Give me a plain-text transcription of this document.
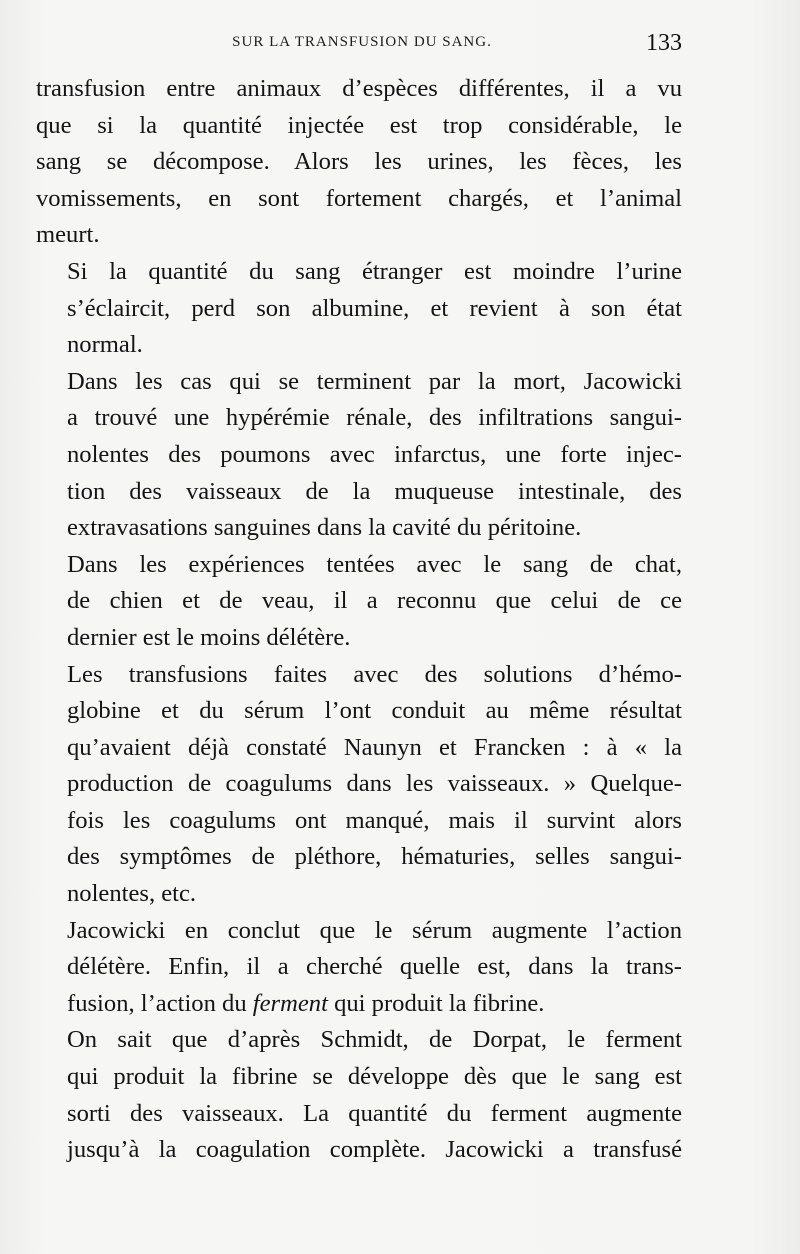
SUR LA TRANSFUSION DU SANG.	133

transfusion entre animaux d’espèces différentes, il a vu
que si la quantité injectée est trop considérable, le
sang se décompose. Alors les urines, les fèces, les
vomissements, en sont fortement chargés, et l’animal
meurt.

Si la quantité du sang étranger est moindre l’urine
s’éclaircit, perd son albumine, et revient à son état
normal.

Dans les cas qui se terminent par la mort, Jacowicki
a trouvé une hypérémie rénale, des infiltrations sangui-
nolentes des poumons avec infarctus, une forte injec-
tion des vaisseaux de la muqueuse intestinale, des
extravasations sanguines dans la cavité du péritoine.

Dans les expériences tentées avec le sang de chat,
de chien et de veau, il a reconnu que celui de ce
dernier est le moins délétère.

Les transfusions faites avec des solutions d’hémo-
globine et du sérum l’ont conduit au même résultat
qu’avaient déjà constaté Naunyn et Francken : à « la
production de coagulums dans les vaisseaux. » Quelque-
fois les coagulums ont manqué, mais il survint alors
des symptômes de pléthore, hématuries, selles sangui-
nolentes, etc.

Jacowicki en conclut que le sérum augmente l’action
délétère. Enfin, il a cherché quelle est, dans la trans-
fusion, l’action du ferment qui produit la fibrine.

On sait que d’après Schmidt, de Dorpat, le ferment
qui produit la fibrine se développe dès que le sang est
sorti des vaisseaux. La quantité du ferment augmente
jusqu’à la coagulation complète. Jacowicki a transfusé
